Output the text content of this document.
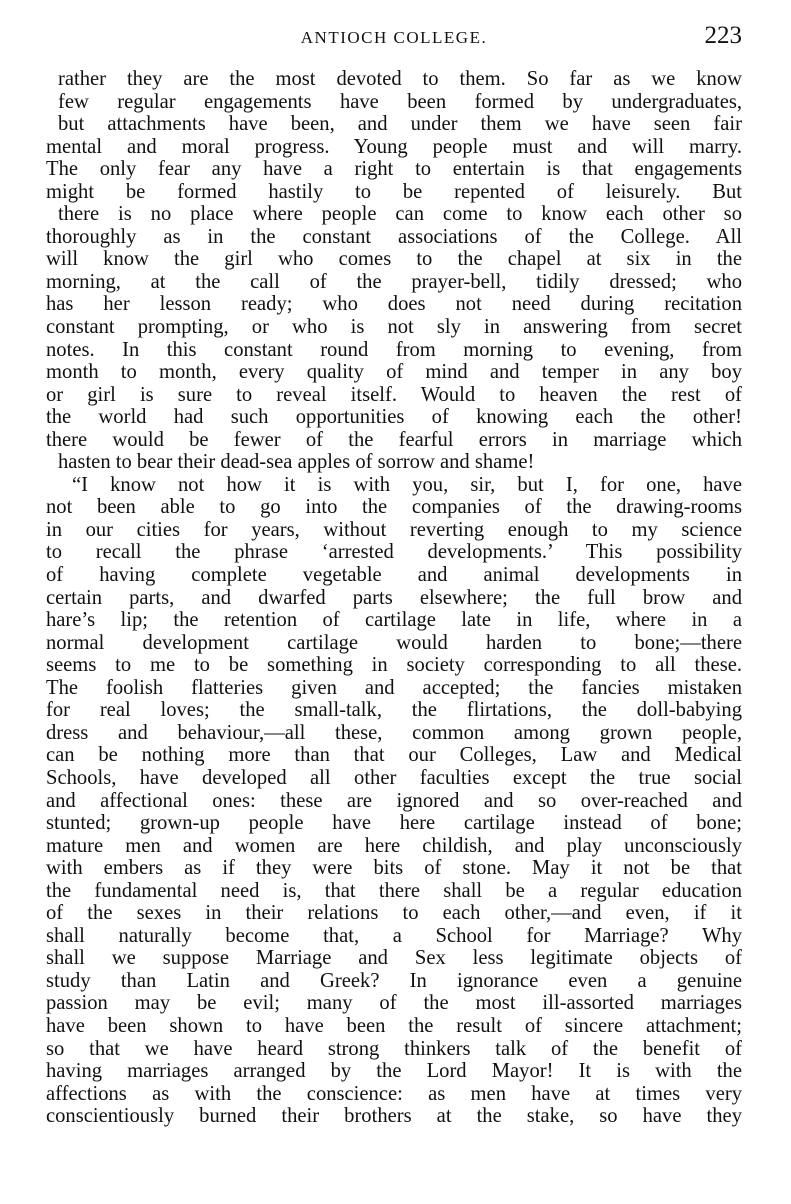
ANTIOCH COLLEGE.	223
rather they are the most devoted to them. So far as we know
few regular engagements have been formed by undergraduates,
but attachments have been, and under them we have seen fair
mental and moral progress. Young people must and will marry.
The only fear any have a right to entertain is that engagements
might be formed hastily to be repented of leisurely. But
there is no place where people can come to know each other so
thoroughly as in the constant associations of the College. All
will know the girl who comes to the chapel at six in the
morning, at the call of the prayer-bell, tidily dressed; who
has her lesson ready; who does not need during recitation
constant prompting, or who is not sly in answering from secret
notes. In this constant round from morning to evening, from
month to month, every quality of mind and temper in any boy
or girl is sure to reveal itself. Would to heaven the rest of
the world had such opportunities of knowing each the other!
there would be fewer of the fearful errors in marriage which
hasten to bear their dead-sea apples of sorrow and shame!
“I know not how it is with you, sir, but I, for one, have
not been able to go into the companies of the drawing-rooms
in our cities for years, without reverting enough to my science
to recall the phrase ‘arrested developments.’ This possibility
of having complete vegetable and animal developments in
certain parts, and dwarfed parts elsewhere; the full brow and
hare’s lip; the retention of cartilage late in life, where in a
normal development cartilage would harden to bone;—there
seems to me to be something in society corresponding to all these.
The foolish flatteries given and accepted; the fancies mistaken
for real loves; the small-talk, the flirtations, the doll-babying
dress and behaviour,—all these, common among grown people,
can be nothing more than that our Colleges, Law and Medical
Schools, have developed all other faculties except the true social
and affectional ones: these are ignored and so over-reached and
stunted; grown-up people have here cartilage instead of bone;
mature men and women are here childish, and play unconsciously
with embers as if they were bits of stone. May it not be that
the fundamental need is, that there shall be a regular education
of the sexes in their relations to each other,—and even, if it
shall naturally become that, a School for Marriage? Why
shall we suppose Marriage and Sex less legitimate objects of
study than Latin and Greek? In ignorance even a genuine
passion may be evil; many of the most ill-assorted marriages
have been shown to have been the result of sincere attachment;
so that we have heard strong thinkers talk of the benefit of
having marriages arranged by the Lord Mayor! It is with the
affections as with the conscience: as men have at times very
conscientiously burned their brothers at the stake, so have they
